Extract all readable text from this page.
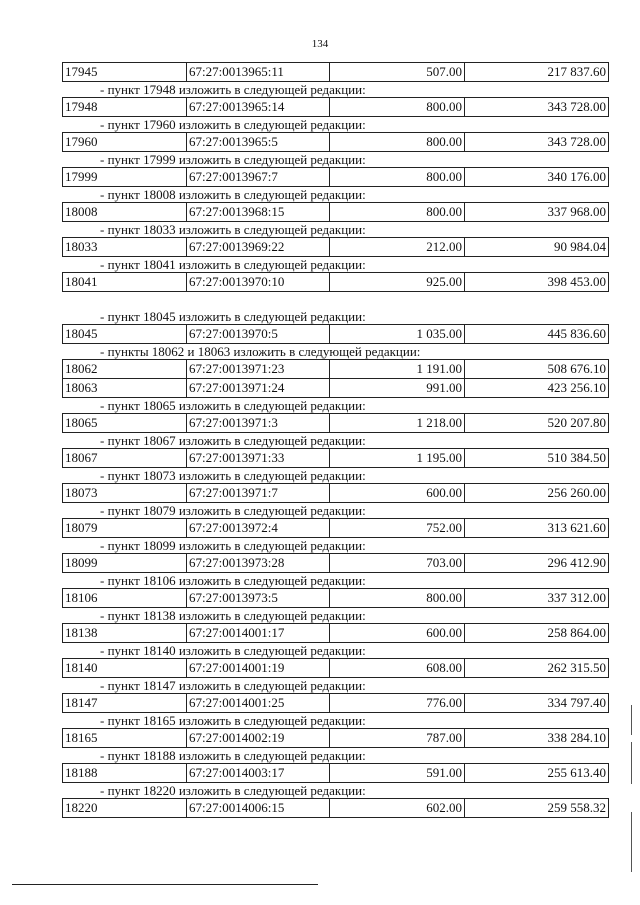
134
17945	67:27:0013965:11	507.00	217 837.60
- пункт 17948 изложить в следующей редакции:
17948	67:27:0013965:14	800.00	343 728.00
- пункт 17960 изложить в следующей редакции:
17960	67:27:0013965:5	800.00	343 728.00
- пункт 17999 изложить в следующей редакции:
17999	67:27:0013967:7	800.00	340 176.00
- пункт 18008 изложить в следующей редакции:
18008	67:27:0013968:15	800.00	337 968.00
- пункт 18033 изложить в следующей редакции:
18033	67:27:0013969:22	212.00	90 984.04
- пункт 18041 изложить в следующей редакции:
18041	67:27:0013970:10	925.00	398 453.00
- пункт 18045 изложить в следующей редакции:
18045	67:27:0013970:5	1 035.00	445 836.60
- пункты 18062 и 18063 изложить в следующей редакции:
18062	67:27:0013971:23	1 191.00	508 676.10
18063	67:27:0013971:24	991.00	423 256.10
- пункт 18065 изложить в следующей редакции:
18065	67:27:0013971:3	1 218.00	520 207.80
- пункт 18067 изложить в следующей редакции:
18067	67:27:0013971:33	1 195.00	510 384.50
- пункт 18073 изложить в следующей редакции:
18073	67:27:0013971:7	600.00	256 260.00
- пункт 18079 изложить в следующей редакции:
18079	67:27:0013972:4	752.00	313 621.60
- пункт 18099 изложить в следующей редакции:
18099	67:27:0013973:28	703.00	296 412.90
- пункт 18106 изложить в следующей редакции:
18106	67:27:0013973:5	800.00	337 312.00
- пункт 18138 изложить в следующей редакции:
18138	67:27:0014001:17	600.00	258 864.00
- пункт 18140 изложить в следующей редакции:
18140	67:27:0014001:19	608.00	262 315.50
- пункт 18147 изложить в следующей редакции:
18147	67:27:0014001:25	776.00	334 797.40
- пункт 18165 изложить в следующей редакции:
18165	67:27:0014002:19	787.00	338 284.10
- пункт 18188 изложить в следующей редакции:
18188	67:27:0014003:17	591.00	255 613.40
- пункт 18220 изложить в следующей редакции:
18220	67:27:0014006:15	602.00	259 558.32
